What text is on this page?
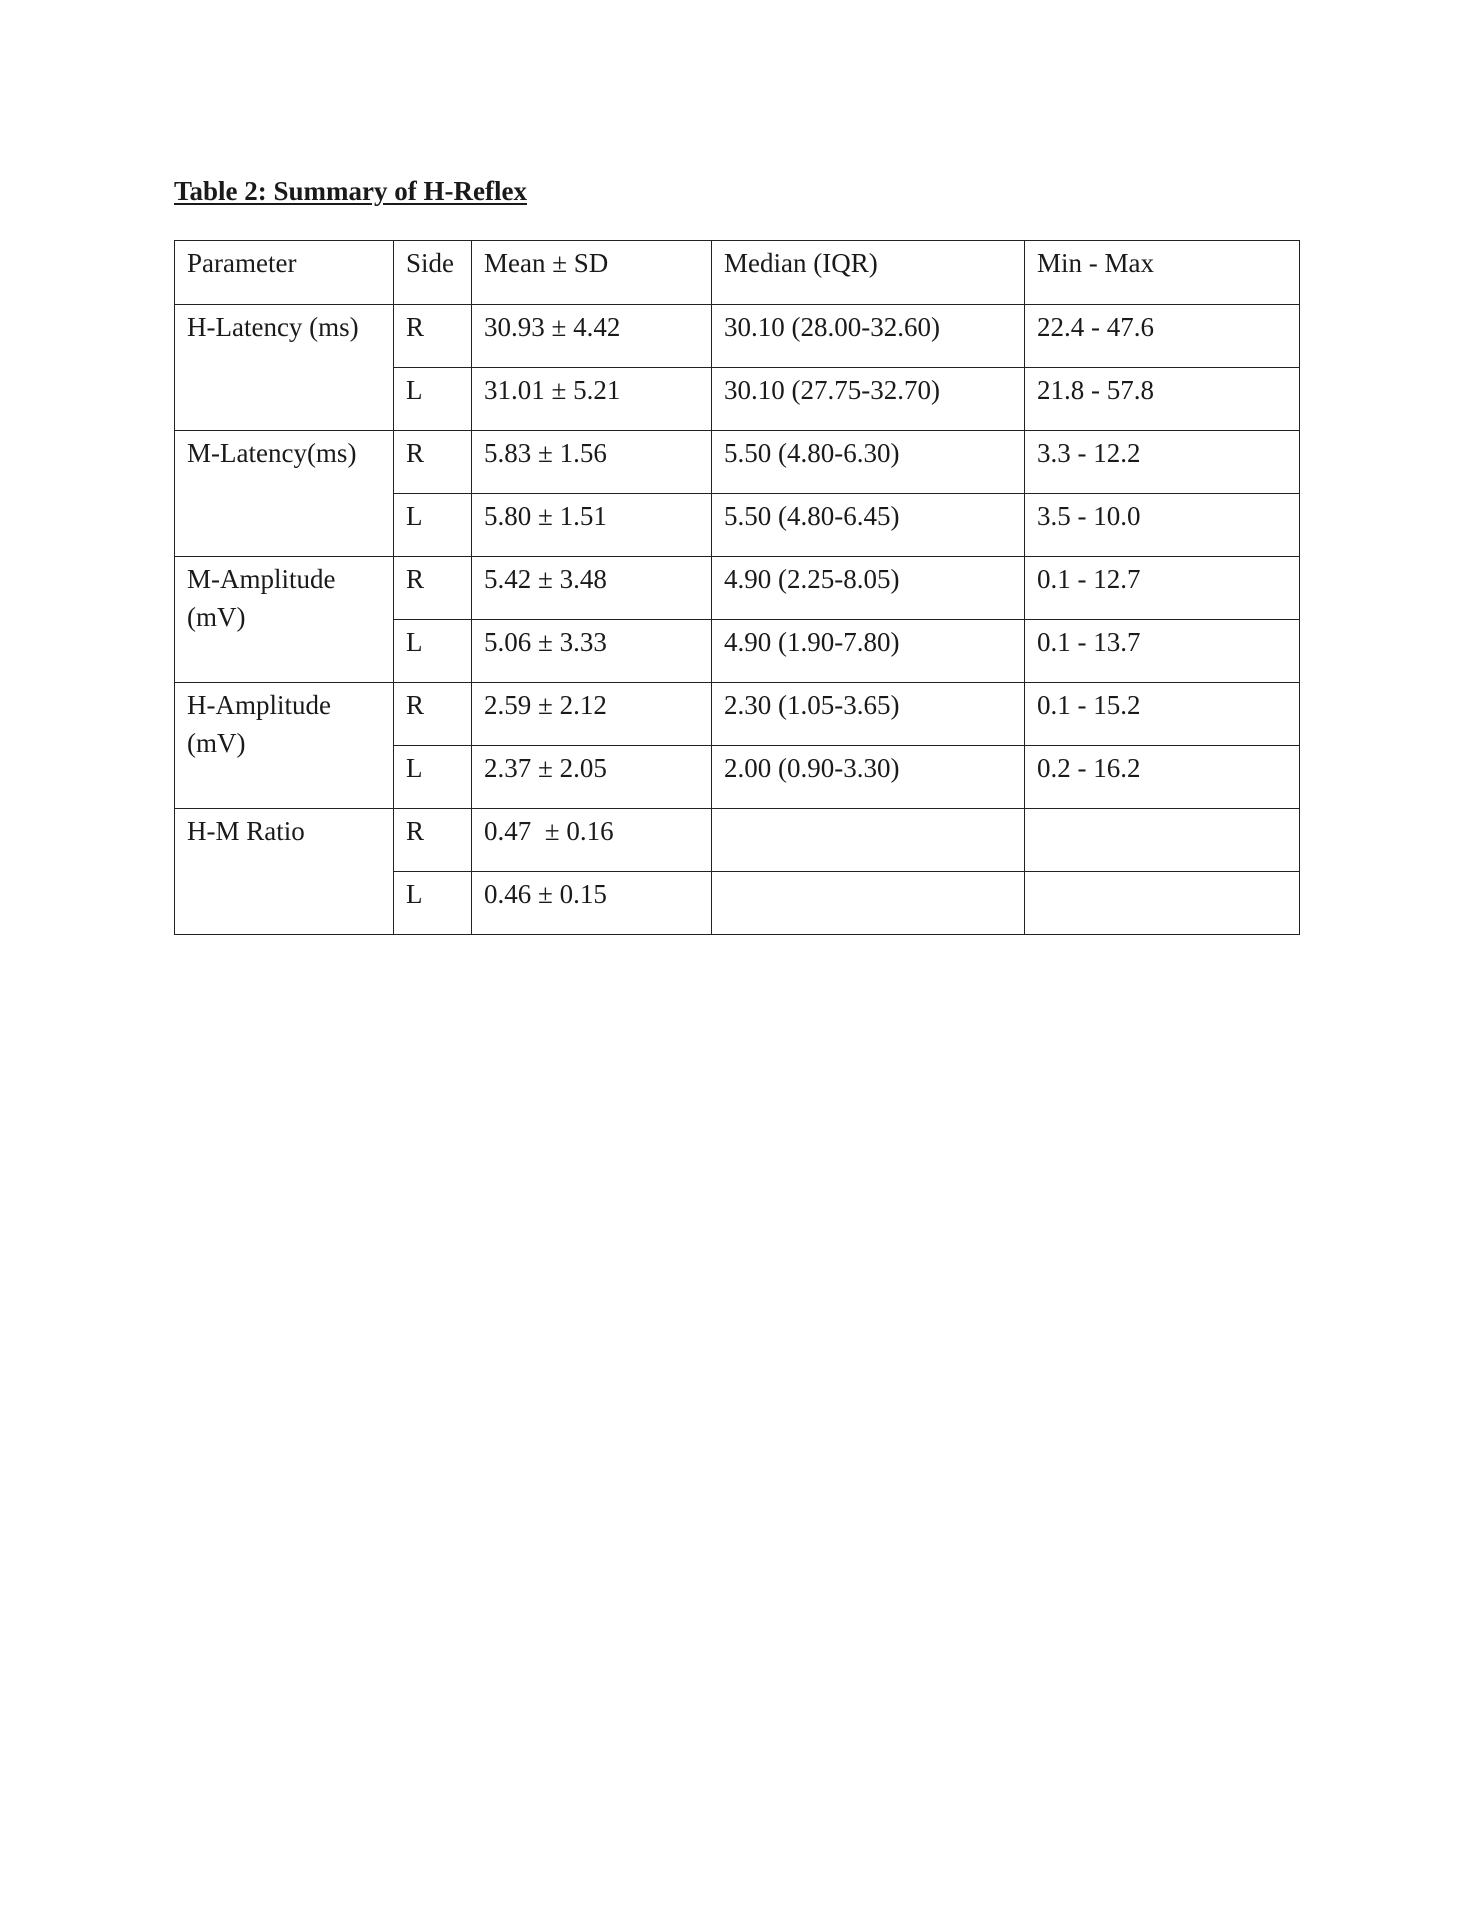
Table 2: Summary of H-Reflex
Parameter	Side	Mean ± SD	Median (IQR)	Min - Max
H-Latency (ms)	R	30.93 ± 4.42	30.10 (28.00-32.60)	22.4 - 47.6
	L	31.01 ± 5.21	30.10 (27.75-32.70)	21.8 - 57.8
M-Latency(ms)	R	5.83 ± 1.56	5.50 (4.80-6.30)	3.3 - 12.2
	L	5.80 ± 1.51	5.50 (4.80-6.45)	3.5 - 10.0
M-Amplitude (mV)	R	5.42 ± 3.48	4.90 (2.25-8.05)	0.1 - 12.7
	L	5.06 ± 3.33	4.90 (1.90-7.80)	0.1 - 13.7
H-Amplitude (mV)	R	2.59 ± 2.12	2.30 (1.05-3.65)	0.1 - 15.2
	L	2.37 ± 2.05	2.00 (0.90-3.30)	0.2 - 16.2
H-M Ratio	R	0.47  ± 0.16		
	L	0.46 ± 0.15		
